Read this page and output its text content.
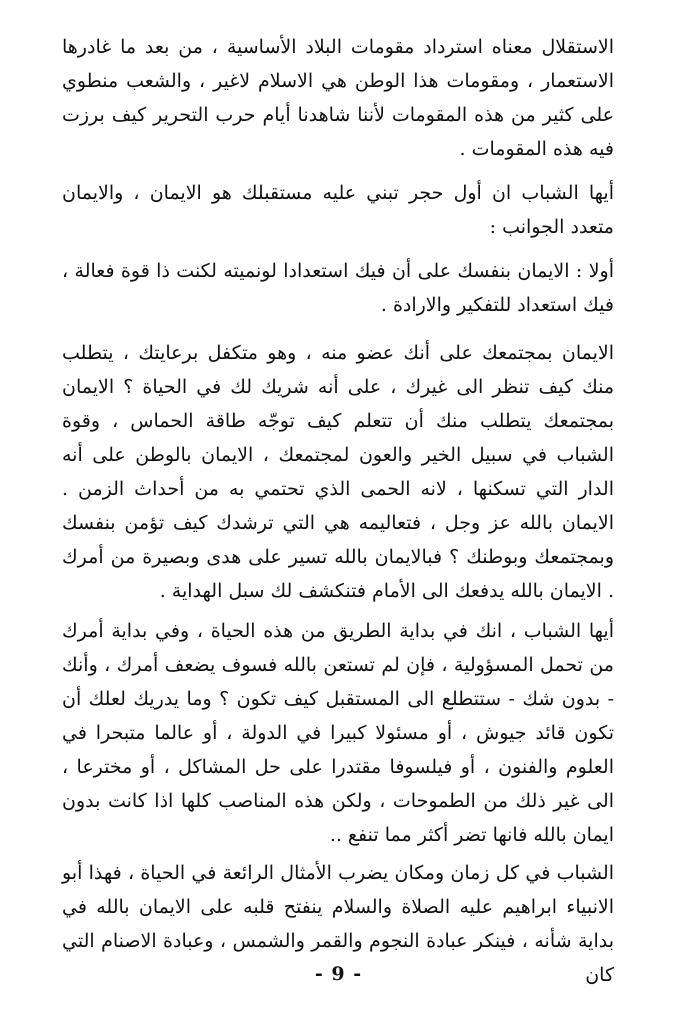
الاستقلال معناه استرداد مقومات البلاد الأساسية ، من بعد ما غادرها الاستعمار ، ومقومات هذا الوطن هي الاسلام لاغير ، والشعب منطوي على كثير من هذه المقومات لأننا شاهدنا أيام حرب التحرير كيف برزت فيه هذه المقومات .

أيها الشباب ان أول حجر تبني عليه مستقبلك هو الايمان ، والايمان متعدد الجوانب :

أولا : الايمان بنفسك على أن فيك استعدادا لونميته لكنت ذا قوة فعالة ، فيك استعداد للتفكير والارادة .

الايمان بمجتمعك على أنك عضو منه ، وهو متكفل برعايتك ، يتطلب منك كيف تنظر الى غيرك ، على أنه شريك لك في الحياة ؟ الايمان بمجتمعك يتطلب منك أن تتعلم كيف توجّه طاقة الحماس ، وقوة الشباب في سبيل الخير والعون لمجتمعك ، الايمان بالوطن على أنه الدار التي تسكنها ، لانه الحمى الذي تحتمي به من أحداث الزمن . الايمان بالله عز وجل ، فتعاليمه هي التي ترشدك كيف تؤمن بنفسك وبمجتمعك وبوطنك ؟ فبالايمان بالله تسير على هدى وبصيرة من أمرك . الايمان بالله يدفعك الى الأمام فتنكشف لك سبل الهداية .

أيها الشباب ، انك في بداية الطريق من هذه الحياة ، وفي بداية أمرك من تحمل المسؤولية ، فإن لم تستعن بالله فسوف يضعف أمرك ، وأنك - بدون شك - ستتطلع الى المستقبل كيف تكون ؟ وما يدريك لعلك أن تكون قائد جيوش ، أو مسئولا كبيرا في الدولة ، أو عالما متبحرا في العلوم والفنون ، أو فيلسوفا مقتدرا على حل المشاكل ، أو مخترعا ، الى غير ذلك من الطموحات ، ولكن هذه المناصب كلها اذا كانت بدون ايمان بالله فانها تضر أكثر مما تنفع ..

الشباب في كل زمان ومكان يضرب الأمثال الرائعة في الحياة ، فهذا أبو الانبياء ابراهيم عليه الصلاة والسلام ينفتح قلبه على الايمان بالله في بداية شأنه ، فينكر عبادة النجوم والقمر والشمس ، وعبادة الاصنام التي كان

- 9 -
